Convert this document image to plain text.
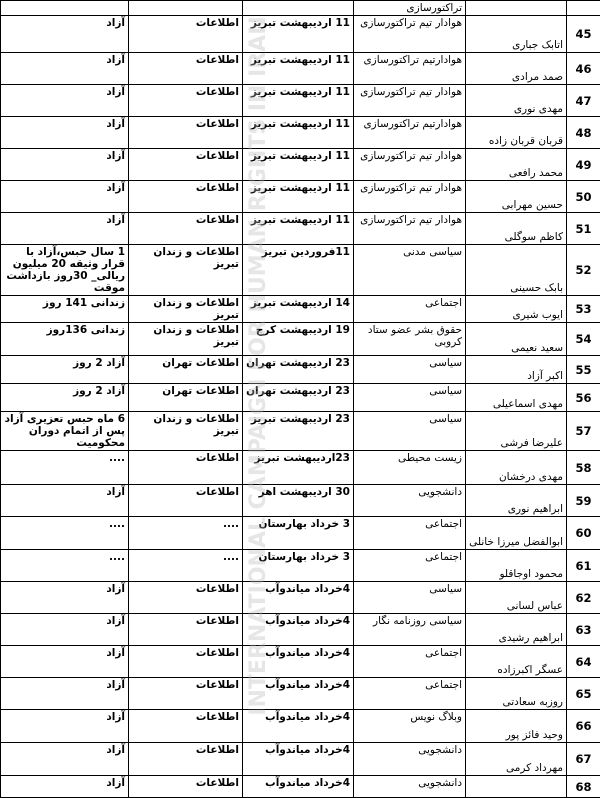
		تراکتورسازی			
45	اتابک جباری	هوادار تیم تراکتورسازی	11 اردیبهشت تبریز	اطلاعات	آزاد
46	صمد مرادی	هوادارتیم تراکتورسازی	11 اردیبهشت تبریز	اطلاعات	آزاد
47	مهدی نوری	هوادار تیم تراکتورسازی	11 اردیبهشت تبریز	اطلاعات	آزاد
48	قربان قربان زاده	هوادارتیم تراکتورسازی	11 اردیبهشت تبریز	اطلاعات	آزاد
49	محمد رافعی	هوادار تیم تراکتورسازی	11 اردیبهشت تبریز	اطلاعات	آزاد
50	حسین مهرابی	هوادار تیم تراکتورسازی	11 اردیبهشت تبریز	اطلاعات	آزاد
51	کاظم سوگلی	هوادار تیم تراکتورسازی	11 اردیبهشت تبریز	اطلاعات	آزاد
52	بابک حسینی	سیاسی مدنی	11فروردین تبریز	اطلاعات و زندان تبریز	1 سال حبس،آزاد با قرار وثیقه 20 میلیون ریالی_ 30روز بازداشت موقت
53	ایوب شیری	اجتماعی	14 اردیبهشت تبریز	اطلاعات و زندان تبریز	زندانی 141 روز
54	سعید نعیمی	حقوق بشر عضو ستاد کروبی	19 اردیبهشت کرج	اطلاعات و زندان تبریز	زندانی 136روز
55	اکبر آزاد	سیاسی	23 اردیبهشت تهران	اطلاعات تهران	آزاد 2 روز
56	مهدی اسماعیلی	سیاسی	23 اردیبهشت تهران	اطلاعات تهران	آزاد 2 روز
57	علیرضا فرشی	سیاسی	23 اردیبهشت تبریز	اطلاعات و زندان تبریز	6 ماه حبس تعزیری آزاد پس از اتمام دوران محکومیت
58	مهدی درخشان	زیست محیطی	23اردیبهشت تبریز	اطلاعات	....
59	ابراهیم نوری	دانشجویی	30 اردیبهشت اهر	اطلاعات	آزاد
60	ابوالفضل میرزا خانلی	اجتماعی	3 خرداد بهارستان	....	....
61	محمود اوجاقلو	اجتماعی	3 خرداد بهارستان	....	....
62	عباس لسانی	سیاسی	4خرداد میاندوآب	اطلاعات	آزاد
63	ابراهیم رشیدی	سیاسی روزنامه نگار	4خرداد میاندوآب	اطلاعات	آزاد
64	عسگر اکبرزاده	اجتماعی	4خرداد میاندوآب	اطلاعات	آزاد
65	روزبه سعادتی	اجتماعی	4خرداد میاندوآب	اطلاعات	آزاد
66	وحید فائز پور	وبلاگ نویس	4خرداد میاندوآب	اطلاعات	آزاد
67	مهرداد کرمی	دانشجویی	4خرداد میاندوآب	اطلاعات	آزاد
68		دانشجویی	4خرداد میاندوآب	اطلاعات	آزاد
INTERNATIONAL CAMPAIGN FOR HUMAN RIGHTS IN IRAN
